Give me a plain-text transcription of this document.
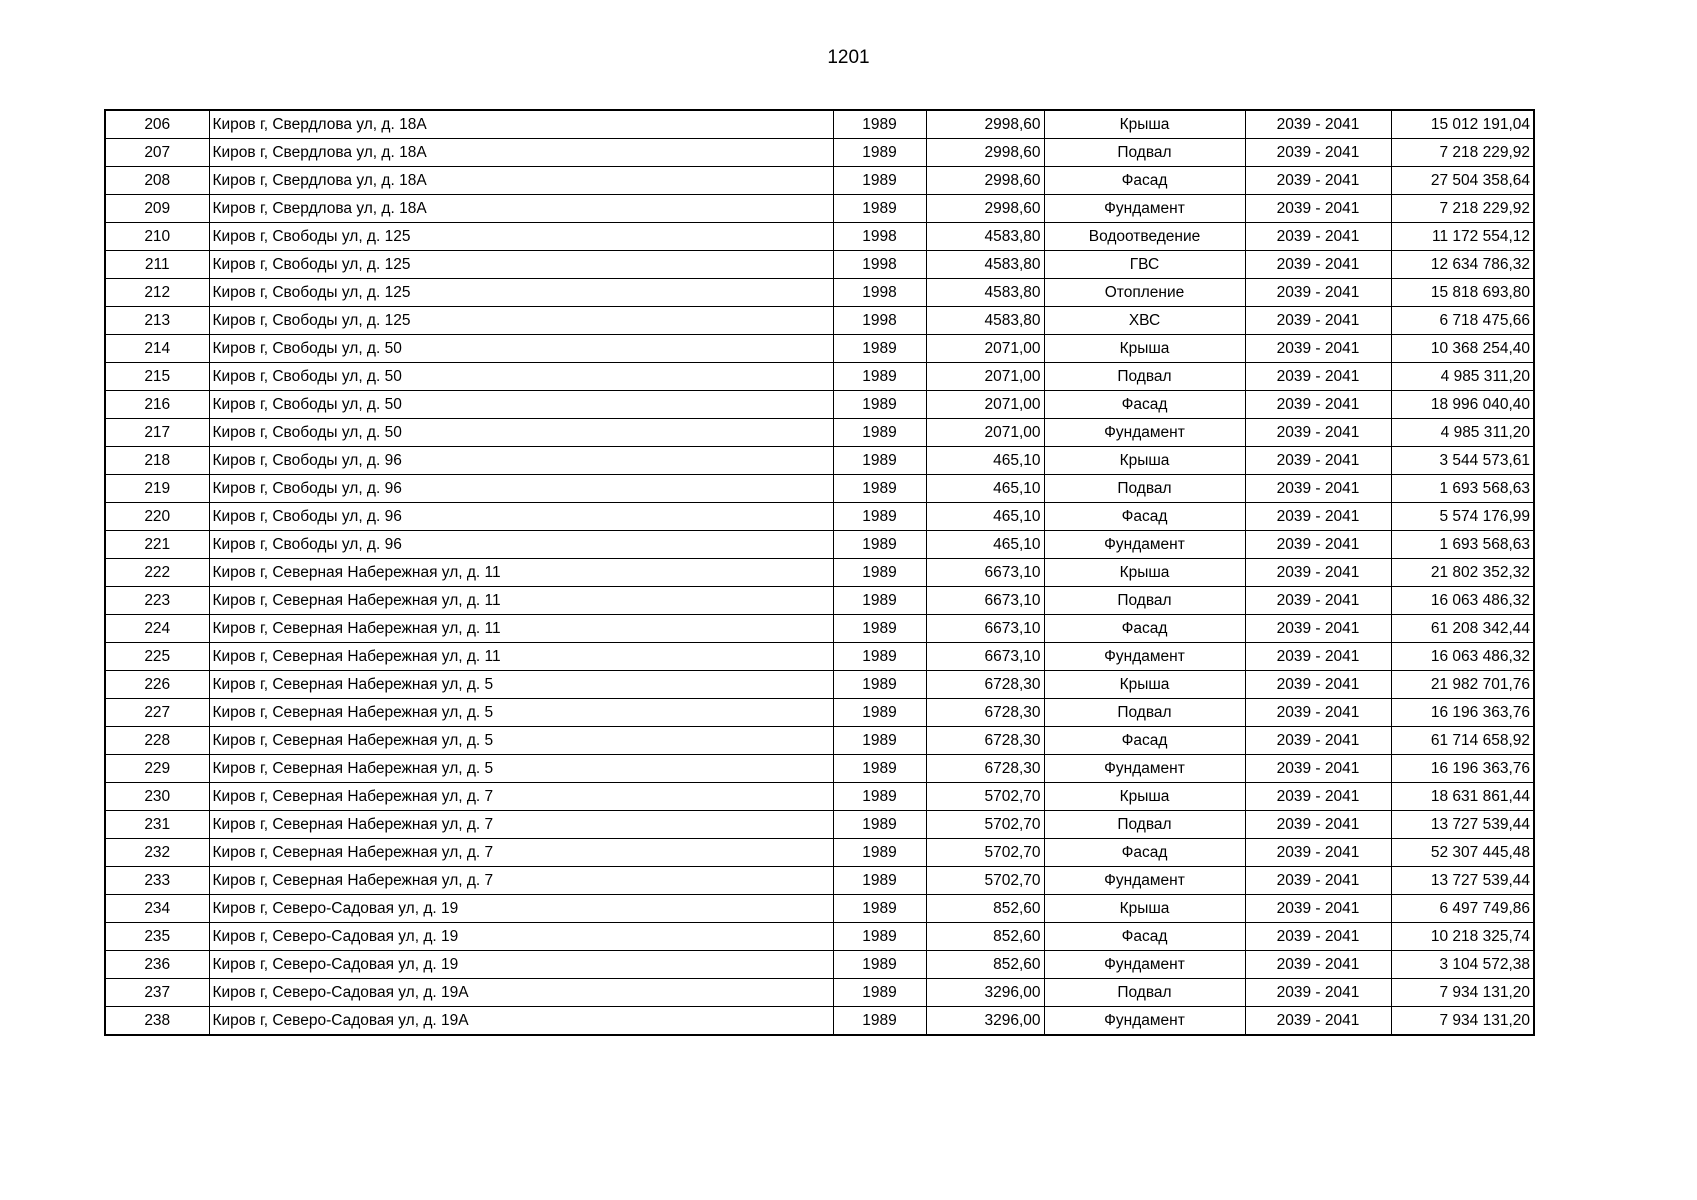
1201
206	Киров г, Свердлова ул, д. 18А	1989	2998,60	Крыша	2039 - 2041	15 012 191,04
207	Киров г, Свердлова ул, д. 18А	1989	2998,60	Подвал	2039 - 2041	7 218 229,92
208	Киров г, Свердлова ул, д. 18А	1989	2998,60	Фасад	2039 - 2041	27 504 358,64
209	Киров г, Свердлова ул, д. 18А	1989	2998,60	Фундамент	2039 - 2041	7 218 229,92
210	Киров г, Свободы ул, д. 125	1998	4583,80	Водоотведение	2039 - 2041	11 172 554,12
211	Киров г, Свободы ул, д. 125	1998	4583,80	ГВС	2039 - 2041	12 634 786,32
212	Киров г, Свободы ул, д. 125	1998	4583,80	Отопление	2039 - 2041	15 818 693,80
213	Киров г, Свободы ул, д. 125	1998	4583,80	ХВС	2039 - 2041	6 718 475,66
214	Киров г, Свободы ул, д. 50	1989	2071,00	Крыша	2039 - 2041	10 368 254,40
215	Киров г, Свободы ул, д. 50	1989	2071,00	Подвал	2039 - 2041	4 985 311,20
216	Киров г, Свободы ул, д. 50	1989	2071,00	Фасад	2039 - 2041	18 996 040,40
217	Киров г, Свободы ул, д. 50	1989	2071,00	Фундамент	2039 - 2041	4 985 311,20
218	Киров г, Свободы ул, д. 96	1989	465,10	Крыша	2039 - 2041	3 544 573,61
219	Киров г, Свободы ул, д. 96	1989	465,10	Подвал	2039 - 2041	1 693 568,63
220	Киров г, Свободы ул, д. 96	1989	465,10	Фасад	2039 - 2041	5 574 176,99
221	Киров г, Свободы ул, д. 96	1989	465,10	Фундамент	2039 - 2041	1 693 568,63
222	Киров г, Северная Набережная ул, д. 11	1989	6673,10	Крыша	2039 - 2041	21 802 352,32
223	Киров г, Северная Набережная ул, д. 11	1989	6673,10	Подвал	2039 - 2041	16 063 486,32
224	Киров г, Северная Набережная ул, д. 11	1989	6673,10	Фасад	2039 - 2041	61 208 342,44
225	Киров г, Северная Набережная ул, д. 11	1989	6673,10	Фундамент	2039 - 2041	16 063 486,32
226	Киров г, Северная Набережная ул, д. 5	1989	6728,30	Крыша	2039 - 2041	21 982 701,76
227	Киров г, Северная Набережная ул, д. 5	1989	6728,30	Подвал	2039 - 2041	16 196 363,76
228	Киров г, Северная Набережная ул, д. 5	1989	6728,30	Фасад	2039 - 2041	61 714 658,92
229	Киров г, Северная Набережная ул, д. 5	1989	6728,30	Фундамент	2039 - 2041	16 196 363,76
230	Киров г, Северная Набережная ул, д. 7	1989	5702,70	Крыша	2039 - 2041	18 631 861,44
231	Киров г, Северная Набережная ул, д. 7	1989	5702,70	Подвал	2039 - 2041	13 727 539,44
232	Киров г, Северная Набережная ул, д. 7	1989	5702,70	Фасад	2039 - 2041	52 307 445,48
233	Киров г, Северная Набережная ул, д. 7	1989	5702,70	Фундамент	2039 - 2041	13 727 539,44
234	Киров г, Северо-Садовая ул, д. 19	1989	852,60	Крыша	2039 - 2041	6 497 749,86
235	Киров г, Северо-Садовая ул, д. 19	1989	852,60	Фасад	2039 - 2041	10 218 325,74
236	Киров г, Северо-Садовая ул, д. 19	1989	852,60	Фундамент	2039 - 2041	3 104 572,38
237	Киров г, Северо-Садовая ул, д. 19А	1989	3296,00	Подвал	2039 - 2041	7 934 131,20
238	Киров г, Северо-Садовая ул, д. 19А	1989	3296,00	Фундамент	2039 - 2041	7 934 131,20
